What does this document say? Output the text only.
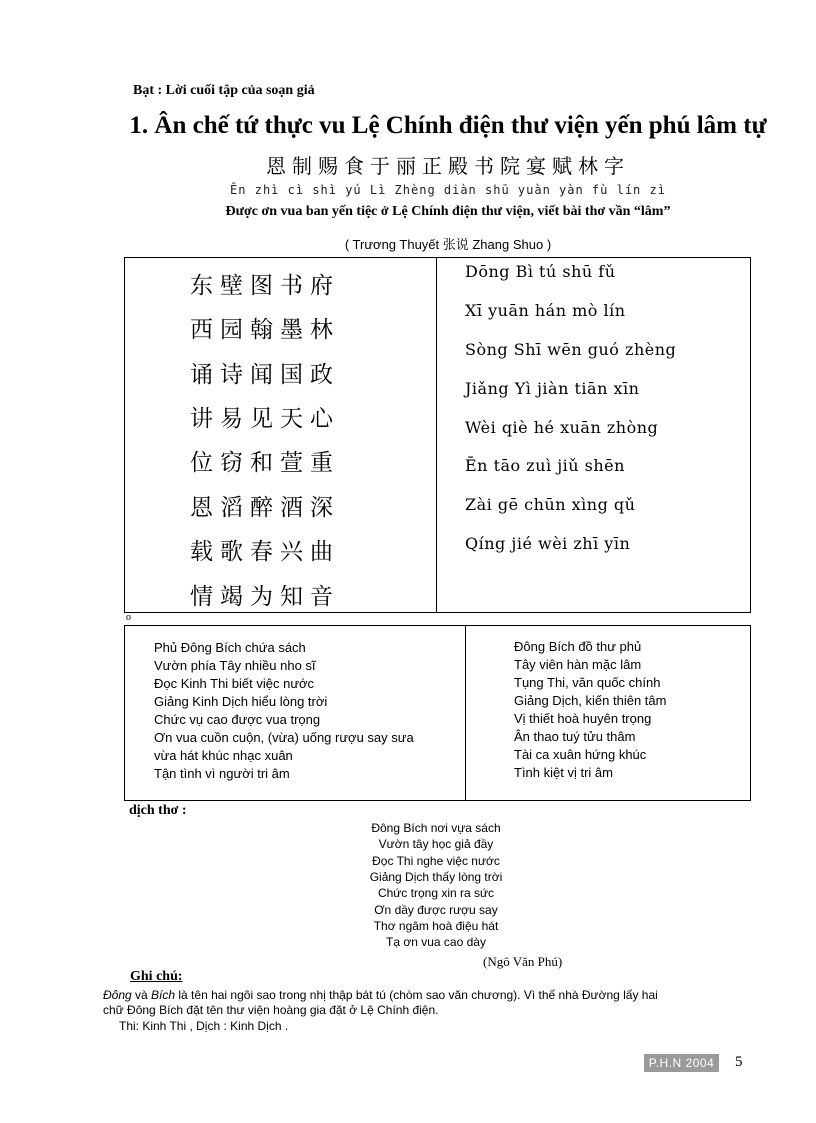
Bạt : Lời cuối tập của soạn giả
1. Ân chế tứ thực vu Lệ Chính điện thư viện yến phú lâm tự
恩制赐食于丽正殿书院宴赋林字
Ēn zhì cì shì yú Lì Zhèng diàn shū yuàn yàn fù lín zì
Được ơn vua ban yến tiệc ở Lệ Chính điện thư viện, viết bài thơ vần “lâm”
( Trương Thuyết 张说 Zhang Shuo )
东壁图书府
西园翰墨林
诵诗闻国政
讲易见天心
位窃和萱重
恩滔醉酒深
载歌春兴曲
情竭为知音
Dōng Bì tú shū fǔ
Xī yuān hán mò lín
Sòng Shī wēn guó zhèng
Jiǎng Yì jiàn tiān xīn
Wèi qiè hé xuān zhòng
Ēn tāo zuì jiǔ shēn
Zài gē chūn xìng qǔ
Qíng jié wèi zhī yīn
o
Phủ Đông Bích chứa sách
Vườn phía Tây nhiều nho sĩ
Đọc Kinh Thi biết việc nước
Giảng Kinh Dịch hiểu lòng trời
Chức vụ cao được vua trọng
Ơn vua cuồn cuộn, (vừa) uống rượu say sưa
vừa hát khúc nhạc xuân
Tận tình vì người tri âm
Đông Bích đồ thư phủ
Tây viên hàn mặc lâm
Tụng Thi, văn quốc chính
Giảng Dịch, kiến thiên tâm
Vị thiết hoà huyên trọng
Ân thao tuý tửu thâm
Tài ca xuân hứng khúc
Tình kiệt vị tri âm
dịch thơ :
Đông Bích nơi vựa sách
Vườn tây học giả đầy
Đọc Thi nghe việc nước
Giảng Dịch thấy lòng trời
Chức trọng xin ra sức
Ơn dầy được rượu say
Thơ ngâm hoà điệu hát
Tạ ơn vua cao dày
(Ngô Văn Phú)
Ghi chú:
Đông và Bích là tên hai ngôi sao trong nhị thập bát tú (chòm sao văn chương). Vì thế nhà Đường lấy hai
chữ Đông Bích đặt tên thư viện hoàng gia đặt ở Lệ Chính điện.
Thi: Kinh Thi , Dịch : Kinh Dịch .
P.H.N 2004	5
